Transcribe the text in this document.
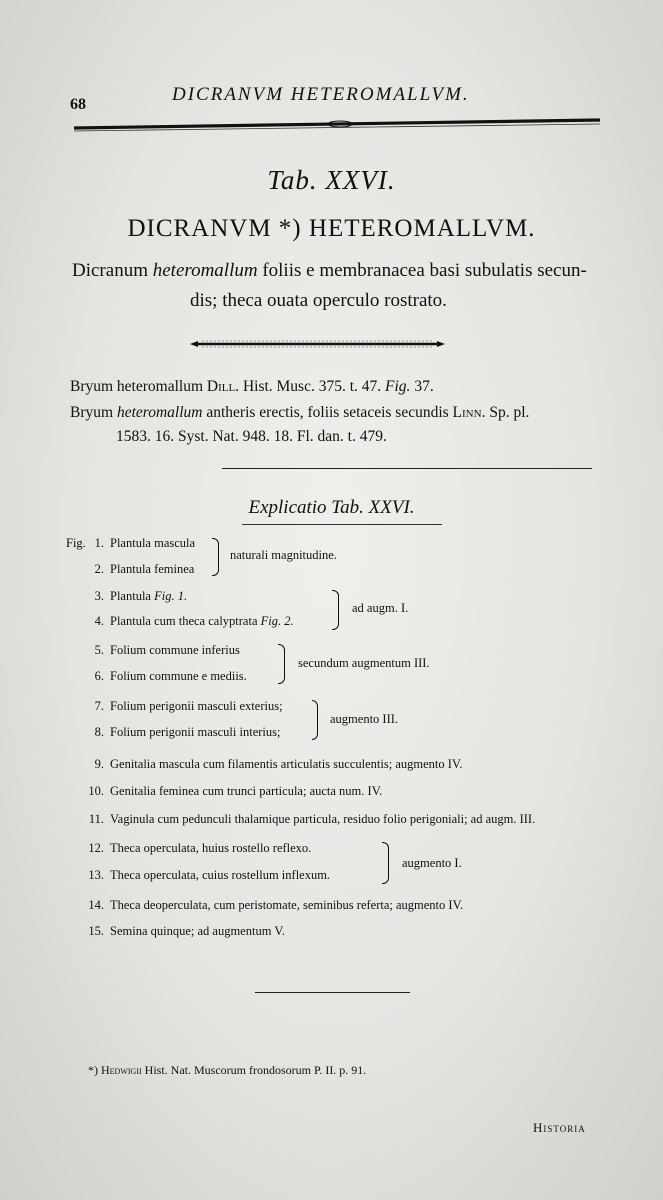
68	DICRANVM HETEROMALLVM.
Tab. XXVI.
DICRANVM *) HETEROMALLVM.
Dicranum heteromallum foliis e membranacea basi subulatis secun-
dis; theca ouata operculo rostrato.
Bryum heteromallum Dill. Hist. Musc. 375. t. 47. Fig. 37.
Bryum heteromallum antheris erectis, foliis setaceis secundis Linn. Sp. pl.
1583. 16. Syst. Nat. 948. 18. Fl. dan. t. 479.
Explicatio Tab. XXVI.
Fig. 1. Plantula mascula
2. Plantula feminea
naturali magnitudine.
3. Plantula Fig. 1.
4. Plantula cum theca calyptrata Fig. 2.
ad augm. I.
5. Folium commune inferius
6. Folium commune e mediis.
secundum augmentum III.
7. Folium perigonii masculi exterius;
8. Folium perigonii masculi interius;
augmento III.
9. Genitalia mascula cum filamentis articulatis succulentis; augmento IV.
10. Genitalia feminea cum trunci particula; aucta num. IV.
11. Vaginula cum pedunculi thalamique particula, residuo folio perigoniali; ad augm. III.
12. Theca operculata, huius rostello reflexo.
13. Theca operculata, cuius rostellum inflexum.
augmento I.
14. Theca deoperculata, cum peristomate, seminibus referta; augmento IV.
15. Semina quinque; ad augmentum V.
*) Hedwigii Hist. Nat. Muscorum frondosorum P. II. p. 91.
Historia
